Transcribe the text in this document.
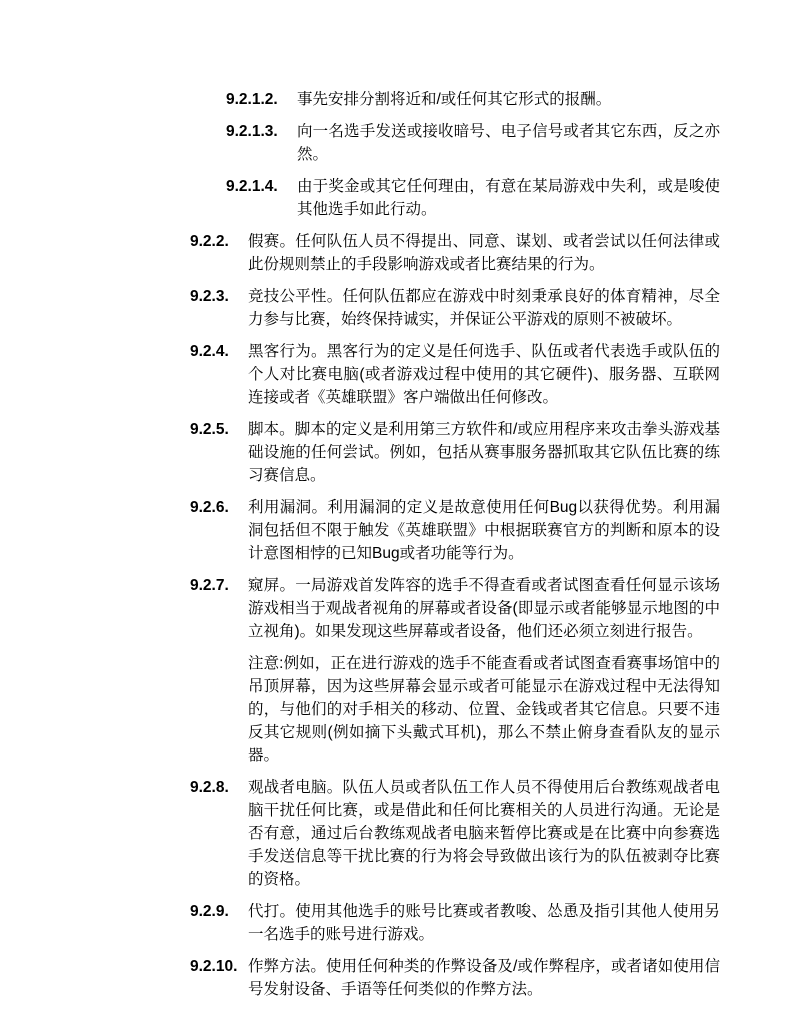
9.2.1.2.	事先安排分割将近和/或任何其它形式的报酬。
9.2.1.3.	向一名选手发送或接收暗号、电子信号或者其它东西，反之亦然。
9.2.1.4.	由于奖金或其它任何理由，有意在某局游戏中失利，或是唆使其他选手如此行动。
9.2.2.	假赛。任何队伍人员不得提出、同意、谋划、或者尝试以任何法律或此份规则禁止的手段影响游戏或者比赛结果的行为。
9.2.3.	竞技公平性。任何队伍都应在游戏中时刻秉承良好的体育精神，尽全力参与比赛，始终保持诚实，并保证公平游戏的原则不被破坏。
9.2.4.	黑客行为。黑客行为的定义是任何选手、队伍或者代表选手或队伍的个人对比赛电脑(或者游戏过程中使用的其它硬件)、服务器、互联网连接或者《英雄联盟》客户端做出任何修改。
9.2.5.	脚本。脚本的定义是利用第三方软件和/或应用程序来攻击拳头游戏基础设施的任何尝试。例如，包括从赛事服务器抓取其它队伍比赛的练习赛信息。
9.2.6.	利用漏洞。利用漏洞的定义是故意使用任何Bug以获得优势。利用漏洞包括但不限于触发《英雄联盟》中根据联赛官方的判断和原本的设计意图相悖的已知Bug或者功能等行为。
9.2.7.	窥屏。一局游戏首发阵容的选手不得查看或者试图查看任何显示该场游戏相当于观战者视角的屏幕或者设备(即显示或者能够显示地图的中立视角)。如果发现这些屏幕或者设备，他们还必须立刻进行报告。
注意:例如，正在进行游戏的选手不能查看或者试图查看赛事场馆中的吊顶屏幕，因为这些屏幕会显示或者可能显示在游戏过程中无法得知的，与他们的对手相关的移动、位置、金钱或者其它信息。只要不违反其它规则(例如摘下头戴式耳机)，那么不禁止俯身查看队友的显示器。
9.2.8.	观战者电脑。队伍人员或者队伍工作人员不得使用后台教练观战者电脑干扰任何比赛，或是借此和任何比赛相关的人员进行沟通。无论是否有意，通过后台教练观战者电脑来暂停比赛或是在比赛中向参赛选手发送信息等干扰比赛的行为将会导致做出该行为的队伍被剥夺比赛的资格。
9.2.9.	代打。使用其他选手的账号比赛或者教唆、怂恿及指引其他人使用另一名选手的账号进行游戏。
9.2.10. 作弊方法。使用任何种类的作弊设备及/或作弊程序，或者诸如使用信号发射设备、手语等任何类似的作弊方法。
